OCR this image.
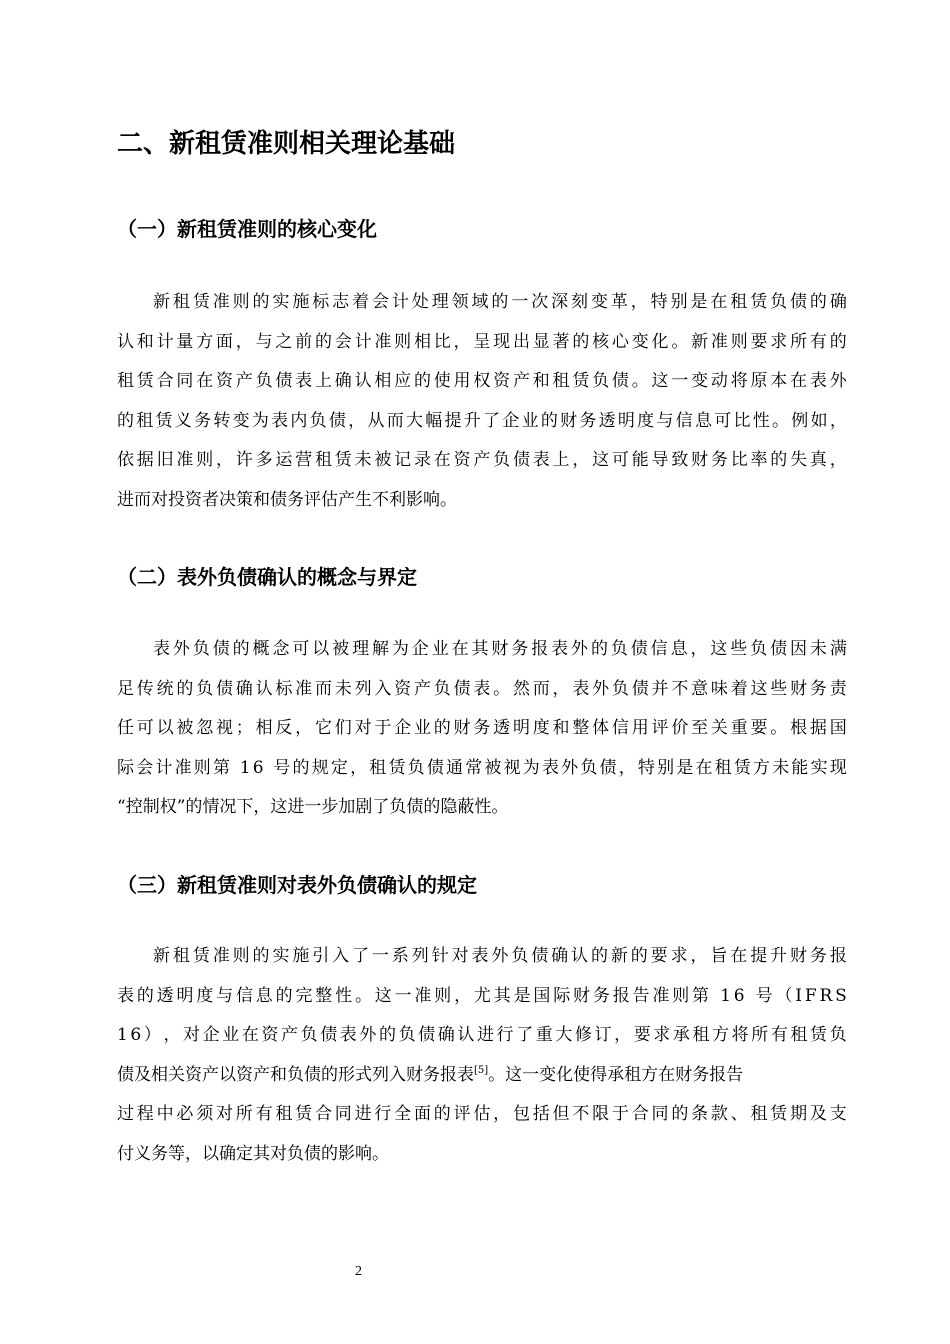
二、新租赁准则相关理论基础
（一）新租赁准则的核心变化
新 租 赁 准 则 的 实 施 标 志 着 会 计 处 理 领 域 的 一 次 深 刻 变 革 ， 特 别 是 在 租 赁 负 债 的 确
认 和 计 量 方 面 ， 与 之 前 的 会 计 准 则 相 比 ， 呈 现 出 显 著 的 核 心 变 化 。 新 准 则 要 求 所 有 的
租 赁 合 同 在 资 产 负 债 表 上 确 认 相 应 的 使 用 权 资 产 和 租 赁 负 债 。 这 一 变 动 将 原 本 在 表 外
的 租 赁 义 务 转 变 为 表 内 负 债 ， 从 而 大 幅 提 升 了 企 业 的 财 务 透 明 度 与 信 息 可 比 性 。 例 如 ，
依 据 旧 准 则 ， 许 多 运 营 租 赁 未 被 记 录 在 资 产 负 债 表 上 ， 这 可 能 导 致 财 务 比 率 的 失 真 ，
进而对投资者决策和债务评估产生不利影响。
（二）表外负债确认的概念与界定
表 外 负 债 的 概 念 可 以 被 理 解 为 企 业 在 其 财 务 报 表 外 的 负 债 信 息 ， 这 些 负 债 因 未 满
足 传 统 的 负 债 确 认 标 准 而 未 列 入 资 产 负 债 表 。 然 而 ， 表 外 负 债 并 不 意 味 着 这 些 财 务 责
任 可 以 被 忽 视 ； 相 反 ， 它 们 对 于 企 业 的 财 务 透 明 度 和 整 体 信 用 评 价 至 关 重 要 。 根 据 国
际 会 计 准 则 第
1 6
号 的 规 定 ， 租 赁 负 债 通 常 被 视 为 表 外 负 债 ， 特 别 是 在 租 赁 方 未 能 实 现
“控制权”的情况下，这进一步加剧了负债的隐蔽性。
（三）新租赁准则对表外负债确认的规定
新 租 赁 准 则 的 实 施 引 入 了 一 系 列 针 对 表 外 负 债 确 认 的 新 的 要 求 ， 旨 在 提 升 财 务 报
表 的 透 明 度 与 信 息 的 完 整 性 。 这 一 准 则 ， 尤 其 是 国 际 财 务 报 告 准 则 第
1 6
号 （ I F R S
1 6 ） ， 对 企 业 在 资 产 负 债 表 外 的 负 债 确 认 进 行 了 重 大 修 订 ， 要 求 承 租 方 将 所 有 租 赁 负
债及相关资产以资产和负债的形式列入财务报表[5]。这一变化使得承租方在财务报告
过 程 中 必 须 对 所 有 租 赁 合 同 进 行 全 面 的 评 估 ， 包 括 但 不 限 于 合 同 的 条 款 、 租 赁 期 及 支
付义务等，以确定其对负债的影响。
2
